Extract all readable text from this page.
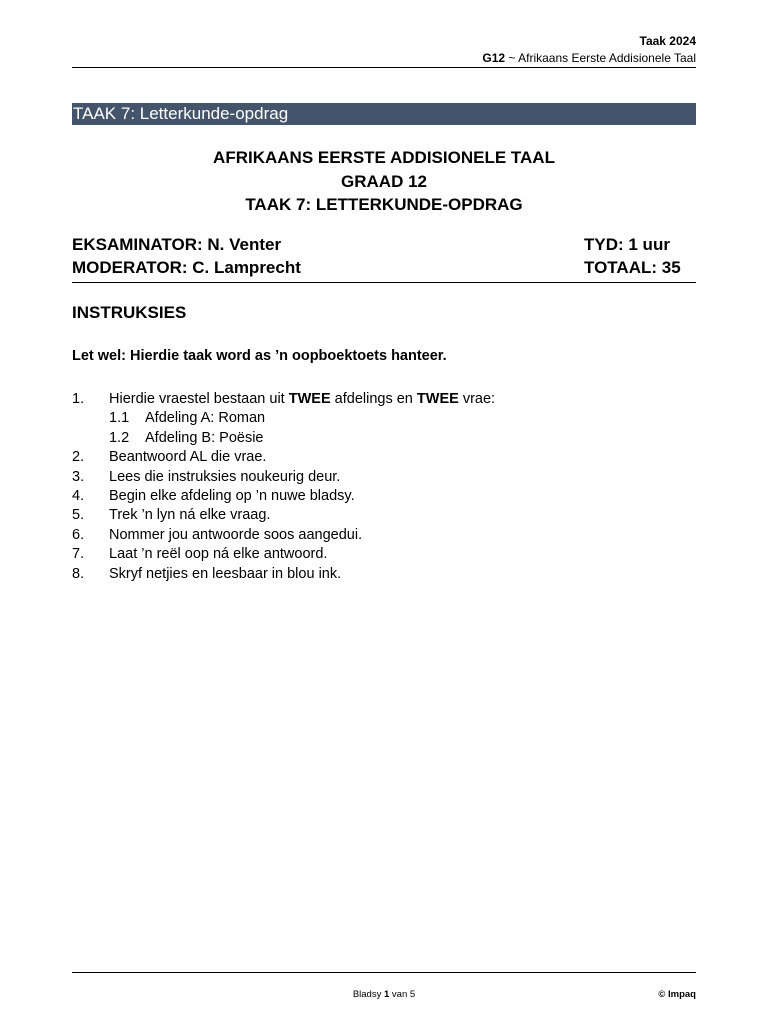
Taak 2024
G12 ~ Afrikaans Eerste Addisionele Taal
TAAK 7: Letterkunde-opdrag
AFRIKAANS EERSTE ADDISIONELE TAAL
GRAAD 12
TAAK 7: LETTERKUNDE-OPDRAG
EKSAMINATOR: N. Venter	TYD: 1 uur
MODERATOR: C. Lamprecht	TOTAAL: 35
INSTRUKSIES
Let wel: Hierdie taak word as ’n oopboektoets hanteer.
1. Hierdie vraestel bestaan uit TWEE afdelings en TWEE vrae:
1.1 Afdeling A: Roman
1.2 Afdeling B: Poësie
2. Beantwoord AL die vrae.
3. Lees die instruksies noukeurig deur.
4. Begin elke afdeling op ’n nuwe bladsy.
5. Trek ’n lyn ná elke vraag.
6. Nommer jou antwoorde soos aangedui.
7. Laat ’n reël oop ná elke antwoord.
8. Skryf netjies en leesbaar in blou ink.
Bladsy 1 van 5	© Impaq
